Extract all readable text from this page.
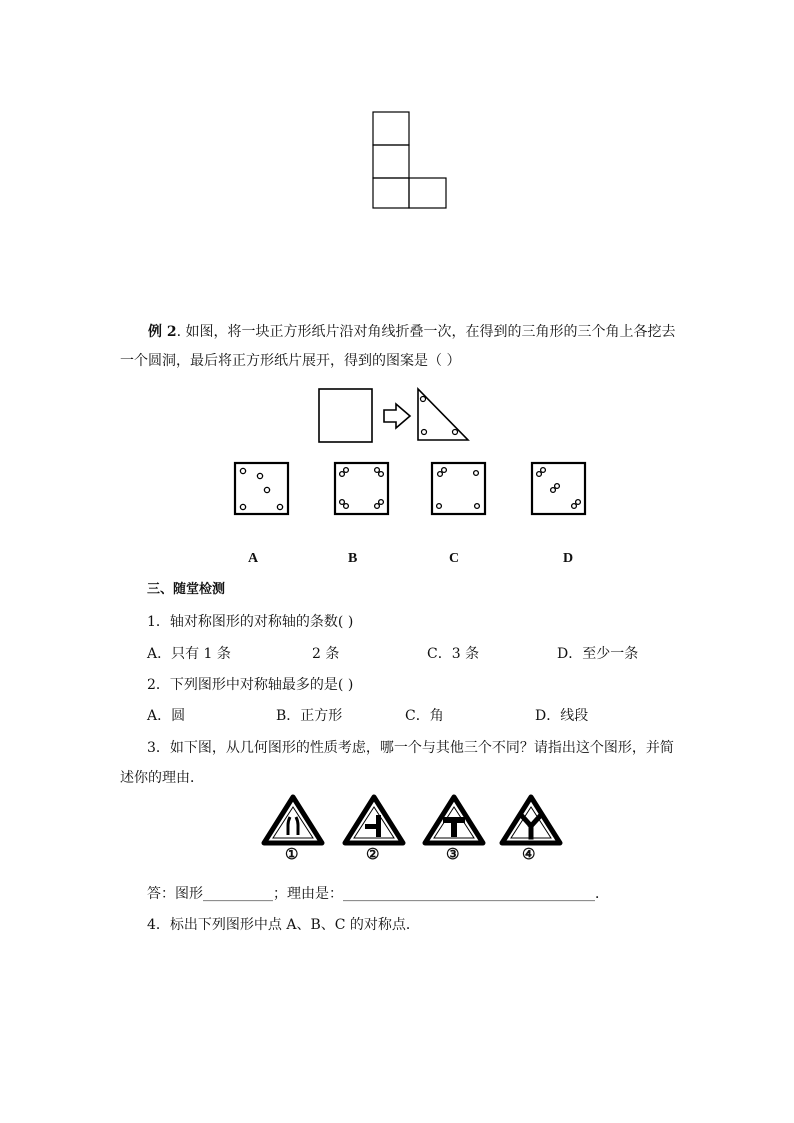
例 2. 如图，将一块正方形纸片沿对角线折叠一次，在得到的三角形的三个角上各挖去
一个圆洞，最后将正方形纸片展开，得到的图案是（ ）
A	B	C	D
三、随堂检测
1．轴对称图形的对称轴的条数( )
A．只有 1 条	2 条	C．3 条	D．至少一条
2．下列图形中对称轴最多的是( )
A．圆	B．正方形	C．角	D．线段
3．如下图，从几何图形的性质考虑，哪一个与其他三个不同？请指出这个图形，并简
述你的理由．
①	②	③	④
答：图形__________；理由是：____________________________________．
4．标出下列图形中点 A、B、C 的对称点．
